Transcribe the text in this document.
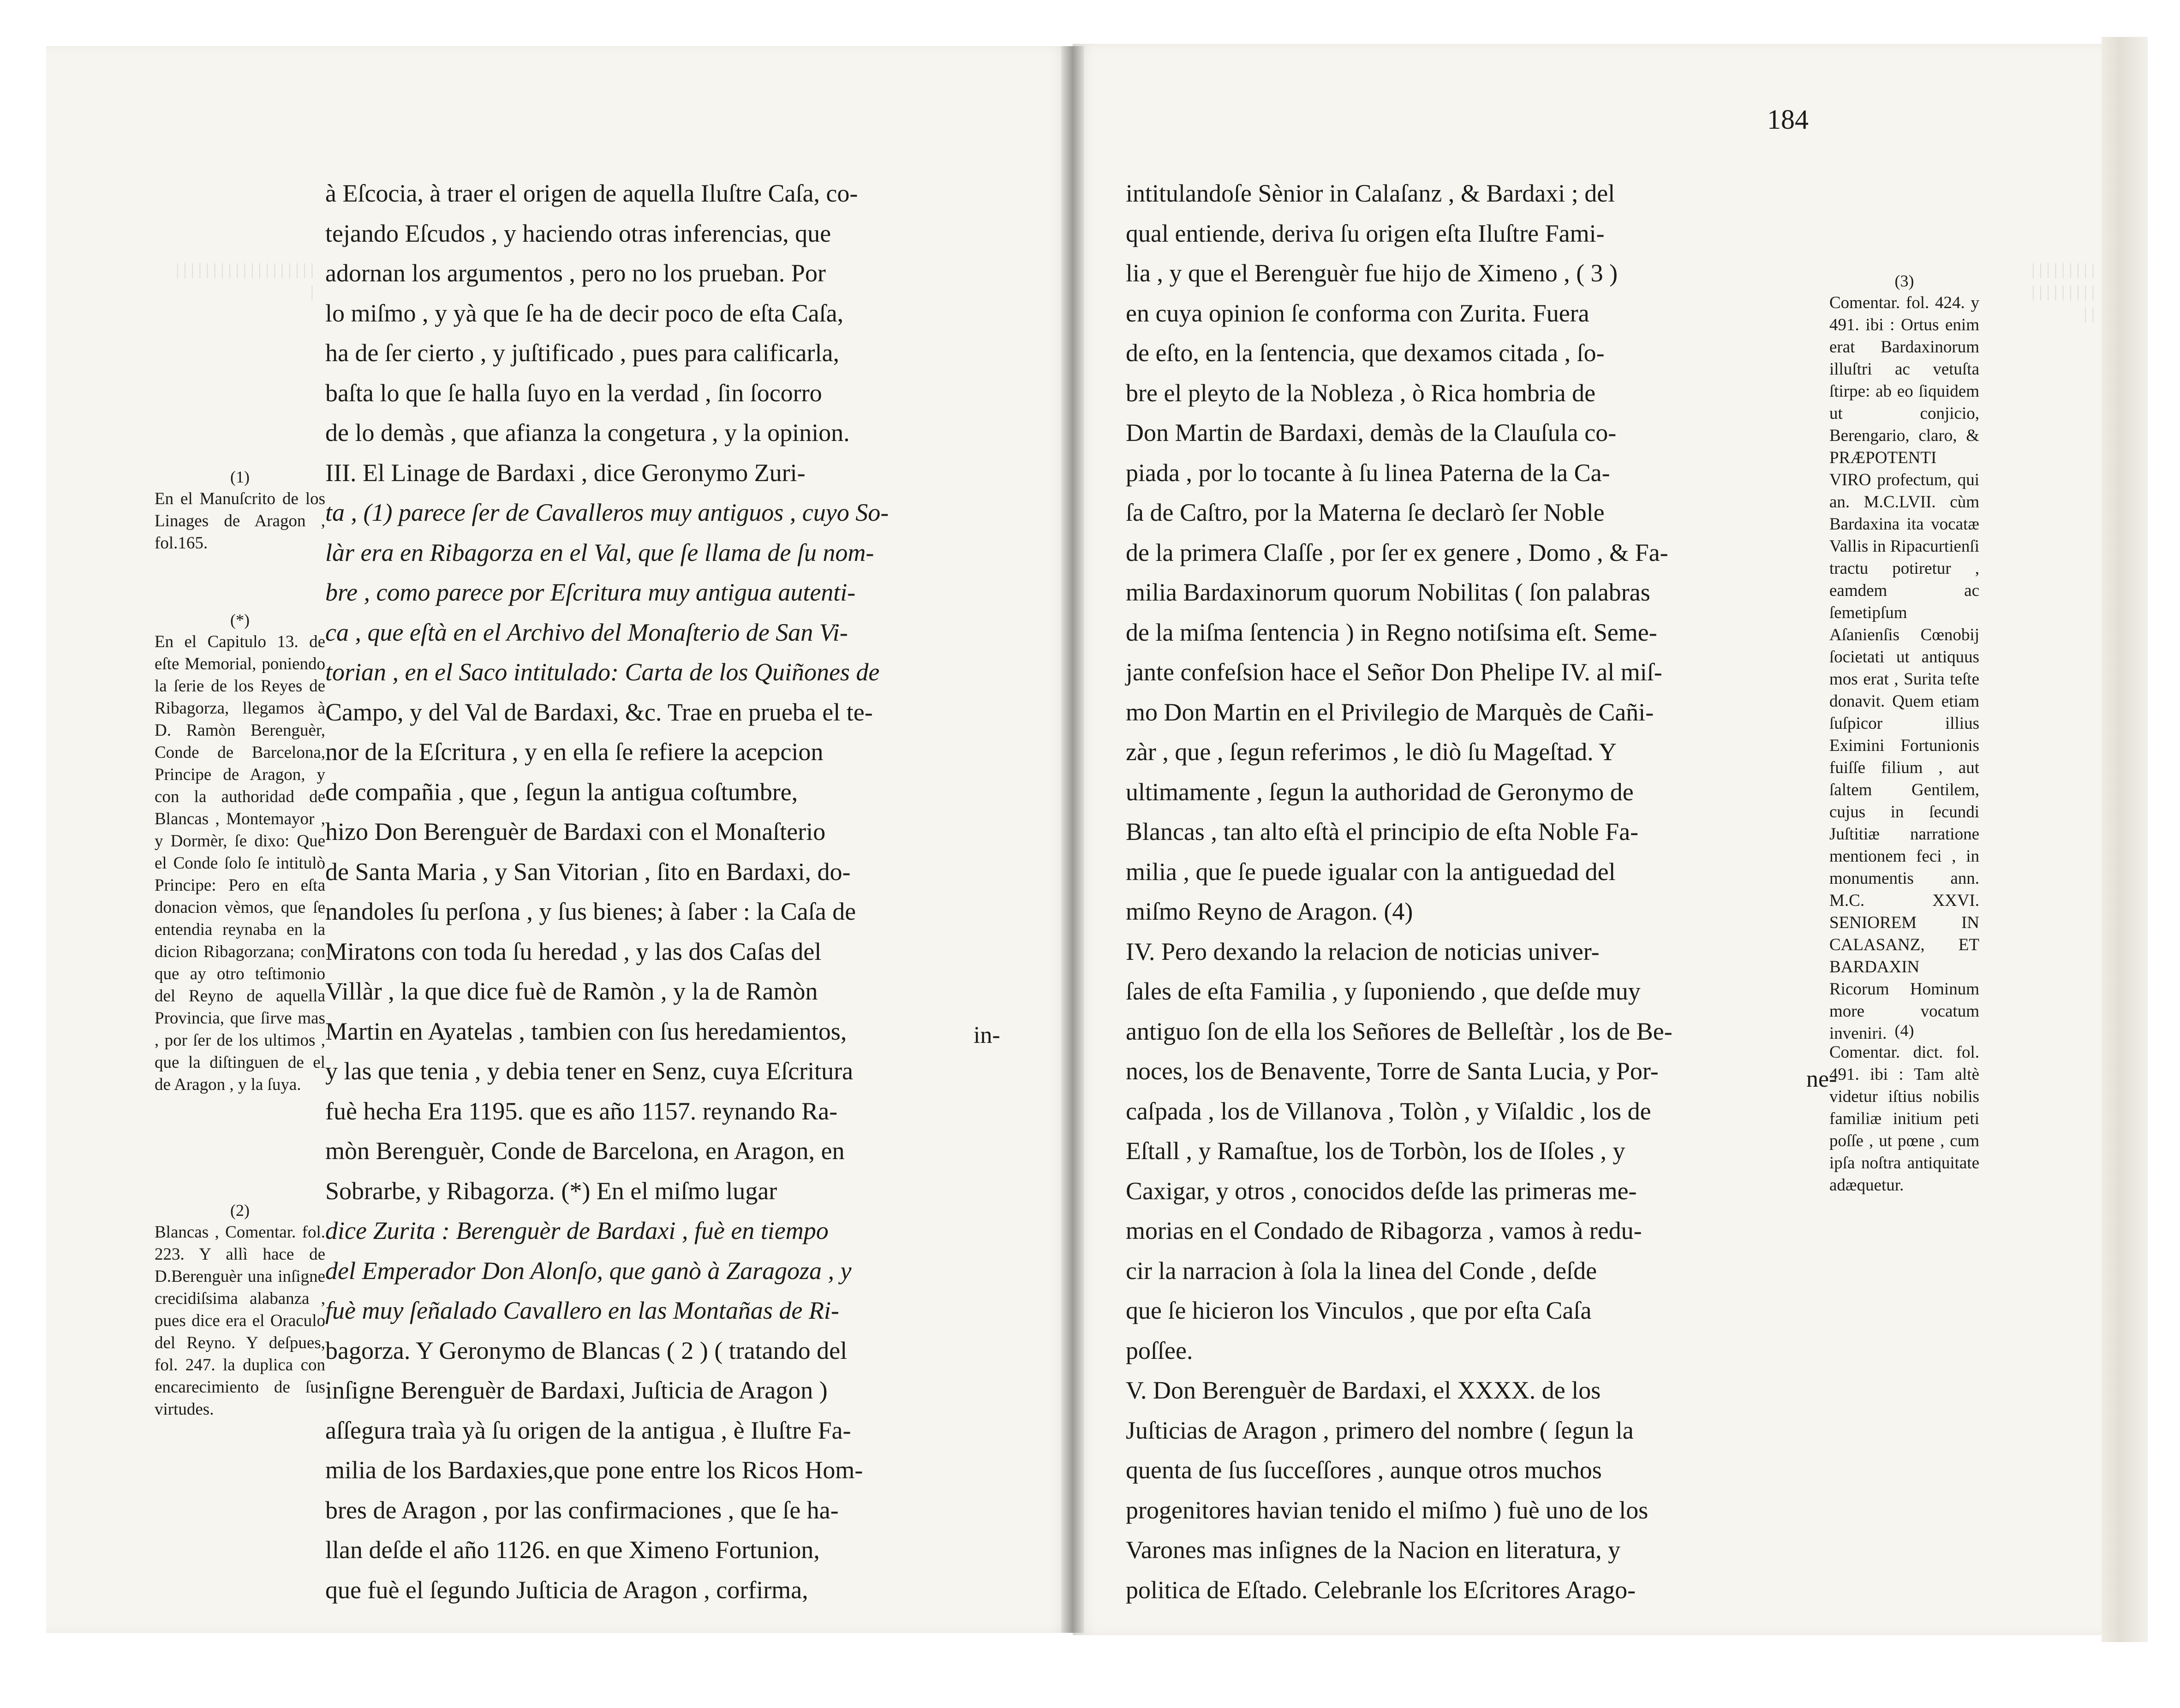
| | | | | | | | | | | | | | | | | | | |
| | | | | | | | | | | | | | | | | | | |
184

à Eſcocia, à traer el origen de aquella Iluſtre Caſa, co-

tejando Eſcudos , y haciendo otras inferencias, que

adornan los argumentos , pero no los prueban. Por

lo miſmo , y yà que ſe ha de decir poco de eſta Caſa,

ha de ſer cierto , y juſtificado , pues para calificarla,

baſta lo que ſe halla ſuyo en la verdad , ſin ſocorro

de lo demàs , que afianza la congetura , y la opinion.

III. El Linage de Bardaxi , dice Geronymo Zuri-

ta , (1) parece ſer de Cavalleros muy antiguos , cuyo So-

làr era en Ribagorza en el Val, que ſe llama de ſu nom-

bre , como parece por Eſcritura muy antigua autenti-

ca , que eſtà en el Archivo del Monaſterio de San Vi-

torian , en el Saco intitulado: Carta de los Quiñones de

Campo, y del Val de Bardaxi, &c. Trae en prueba el te-

nor de la Eſcritura , y en ella ſe refiere la acepcion

de compañia , que , ſegun la antigua coſtumbre,

hizo Don Berenguèr de Bardaxi con el Monaſterio

de Santa Maria , y San Vitorian , ſito en Bardaxi, do-

nandoles ſu perſona , y ſus bienes; à ſaber : la Caſa de

Miratons con toda ſu heredad , y las dos Caſas del

Villàr , la que dice fuè de Ramòn , y la de Ramòn

Martin en Ayatelas , tambien con ſus heredamientos,

y las que tenia , y debia tener en Senz, cuya Eſcritura

fuè hecha Era 1195. que es año 1157. reynando Ra-

mòn Berenguèr, Conde de Barcelona, en Aragon, en

Sobrarbe, y Ribagorza. (*) En el miſmo lugar

dice Zurita : Berenguèr de Bardaxi , fuè en tiempo

del Emperador Don Alonſo, que ganò à Zaragoza , y

fuè muy ſeñalado Cavallero en las Montañas de Ri-

bagorza. Y Geronymo de Blancas ( 2 ) ( tratando del

inſigne Berenguèr de Bardaxi, Juſticia de Aragon )

aſſegura traìa yà ſu origen de la antigua , è Iluſtre Fa-

milia de los Bardaxies,que pone entre los Ricos Hom-

bres de Aragon , por las confirmaciones , que ſe ha-

llan deſde el año 1126. en que Ximeno Fortunion,

que fuè el ſegundo Juſticia de Aragon , corfirma,

in-
(1)
En el Manuſcrito de los Linages de Aragon , fol.165.
(*)
En el Capitulo 13. de eſte Memorial, poniendo la ſerie de los Reyes de Ribagorza, llegamos à D. Ramòn Berenguèr, Conde de Barcelona, Principe de Aragon, y con la authoridad de Blancas , Montemayor , y Dormèr, ſe dixo: Que el Conde ſolo ſe intitulò Principe: Pero en eſta donacion vèmos, que ſe entendia reynaba en la dicion Ribagorzana; con que ay otro teſtimonio del Reyno de aquella Provincia, que ſirve mas , por ſer de los ultimos , que la diſtinguen de el de Aragon , y la ſuya.
(2)
Blancas , Comentar. fol. 223. Y allì hace de D.Berenguèr una inſigne crecidiſsima alabanza , pues dice era el Oraculo del Reyno. Y deſpues, fol. 247. la duplica con encarecimiento de ſus virtudes.

intitulandoſe Sènior in Calaſanz , & Bardaxi ; del

qual entiende, deriva ſu origen eſta Iluſtre Fami-

lia , y que el Berenguèr fue hijo de Ximeno , ( 3 )

en cuya opinion ſe conforma con Zurita. Fuera

de eſto, en la ſentencia, que dexamos citada , ſo-

bre el pleyto de la Nobleza , ò Rica hombria de

Don Martin de Bardaxi, demàs de la Clauſula co-

piada , por lo tocante à ſu linea Paterna de la Ca-

ſa de Caſtro, por la Materna ſe declarò ſer Noble

de la primera Claſſe , por ſer ex genere , Domo , & Fa-

milia Bardaxinorum quorum Nobilitas ( ſon palabras

de la miſma ſentencia ) in Regno notiſsima eſt. Seme-

jante confeſsion hace el Señor Don Phelipe IV. al miſ-

mo Don Martin en el Privilegio de Marquès de Cañi-

zàr , que , ſegun referimos , le diò ſu Mageſtad. Y

ultimamente , ſegun la authoridad de Geronymo de

Blancas , tan alto eſtà el principio de eſta Noble Fa-

milia , que ſe puede igualar con la antiguedad del

miſmo Reyno de Aragon. (4)

IV. Pero dexando la relacion de noticias univer-

ſales de eſta Familia , y ſuponiendo , que deſde muy

antiguo ſon de ella los Señores de Belleſtàr , los de Be-

noces, los de Benavente, Torre de Santa Lucia, y Por-

caſpada , los de Villanova , Tolòn , y Viſaldic , los de

Eſtall , y Ramaſtue, los de Torbòn, los de Iſoles , y

Caxigar, y otros , conocidos deſde las primeras me-

morias en el Condado de Ribagorza , vamos à redu-

cir la narracion à ſola la linea del Conde , deſde

que ſe hicieron los Vinculos , que por eſta Caſa

poſſee.

V. Don Berenguèr de Bardaxi, el XXXX. de los

Juſticias de Aragon , primero del nombre ( ſegun la

quenta de ſus ſucceſſores , aunque otros muchos

progenitores havian tenido el miſmo ) fuè uno de los

Varones mas inſignes de la Nacion en literatura, y

politica de Eſtado. Celebranle los Eſcritores Arago-

ne-
(3)
Comentar. fol. 424. y 491. ibi : Ortus enim erat Bardaxinorum illuſtri ac vetuſta ſtirpe: ab eo ſiquidem ut conjicio, Berengario, claro, & PRÆPOTENTI VIRO profectum, qui an. M.C.LVII. cùm Bardaxina ita vocatæ Vallis in Ripacurtienſi tractu potiretur , eamdem ac ſemetipſum Aſanienſis Cœnobij ſocietati ut antiquus mos erat , Surita teſte donavit. Quem etiam ſuſpicor illius Eximini Fortunionis fuiſſe filium , aut ſaltem Gentilem, cujus in ſecundi Juſtitiæ narratione mentionem feci , in monumentis ann. M.C. XXVI. SENIOREM IN CALASANZ, ET BARDAXIN Ricorum Hominum more vocatum inveniri. (4)
Comentar. dict. fol. 491. ibi : Tam altè videtur iſtius nobilis familiæ initium peti poſſe , ut pœne , cum ipſa noſtra antiquitate adæquetur.
